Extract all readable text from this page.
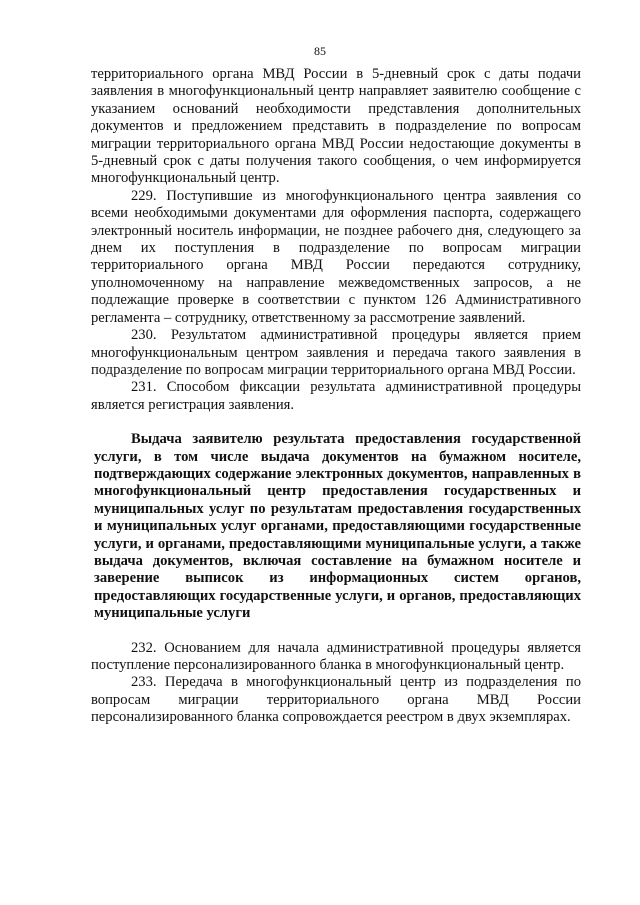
85

территориального органа МВД России в 5-дневный срок с даты подачи заявления в многофункциональный центр направляет заявителю сообщение с указанием оснований необходимости представления дополнительных документов и предложением представить в подразделение по вопросам миграции территориального органа МВД России недостающие документы в 5-дневный срок с даты получения такого сообщения, о чем информируется многофункциональный центр.

229. Поступившие из многофункционального центра заявления со всеми необходимыми документами для оформления паспорта, содержащего электронный носитель информации, не позднее рабочего дня, следующего за днем их поступления в подразделение по вопросам миграции территориального органа МВД России передаются сотруднику, уполномоченному на направление межведомственных запросов, а не подлежащие проверке в соответствии с пунктом 126 Административного регламента – сотруднику, ответственному за рассмотрение заявлений.

230. Результатом административной процедуры является прием многофункциональным центром заявления и передача такого заявления в подразделение по вопросам миграции территориального органа МВД России.

231. Способом фиксации результата административной процедуры является регистрация заявления.

Выдача заявителю результата предоставления государственной услуги, в том числе выдача документов на бумажном носителе, подтверждающих содержание электронных документов, направленных в многофункциональный центр предоставления государственных и муниципальных услуг по результатам предоставления государственных и муниципальных услуг органами, предоставляющими государственные услуги, и органами, предоставляющими муниципальные услуги, а также выдача документов, включая составление на бумажном носителе и заверение выписок из информационных систем органов, предоставляющих государственные услуги, и органов, предоставляющих муниципальные услуги

232. Основанием для начала административной процедуры является поступление персонализированного бланка в многофункциональный центр.

233. Передача в многофункциональный центр из подразделения по вопросам миграции территориального органа МВД России персонализированного бланка сопровождается реестром в двух экземплярах.
